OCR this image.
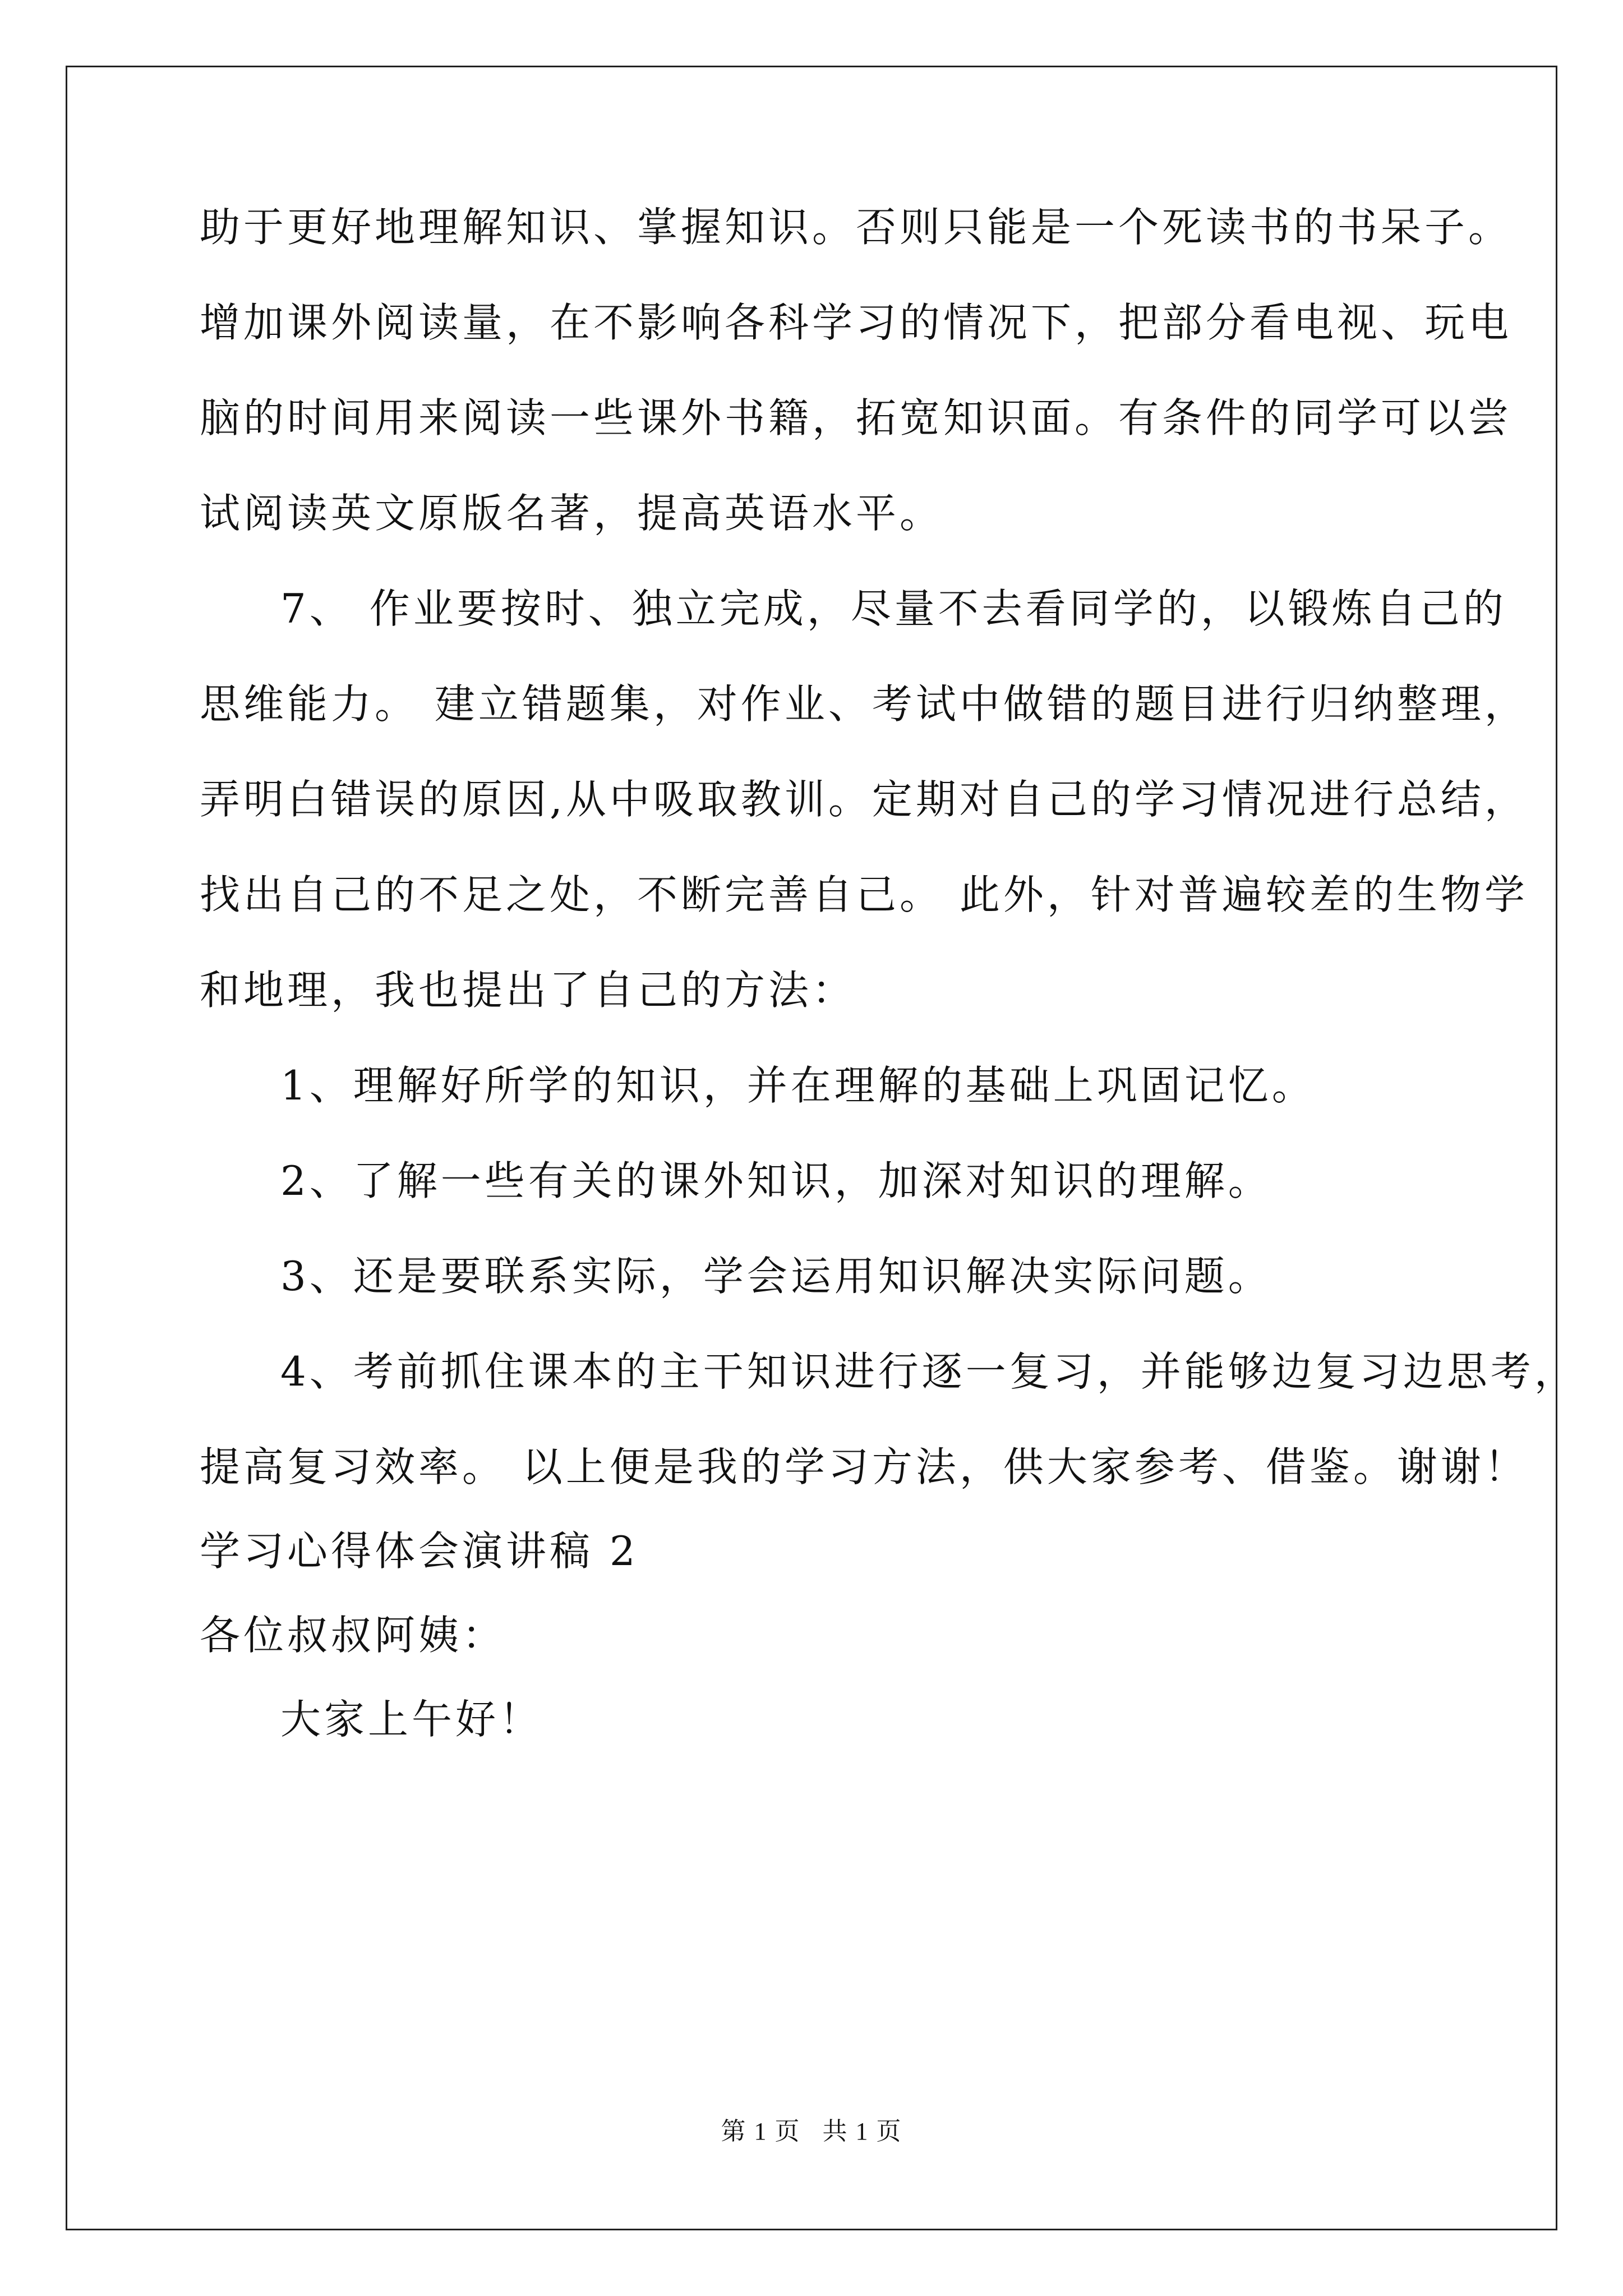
助于更好地理解知识、掌握知识。否则只能是一个死读书的书呆子。
增加课外阅读量，在不影响各科学习的情况下，把部分看电视、玩电
脑的时间用来阅读一些课外书籍，拓宽知识面。有条件的同学可以尝
试阅读英文原版名著，提高英语水平。
7、 作业要按时、独立完成，尽量不去看同学的，以锻炼自己的
思维能力。 建立错题集，对作业、考试中做错的题目进行归纳整理，
弄明白错误的原因,从中吸取教训。定期对自己的学习情况进行总结，
找出自己的不足之处，不断完善自己。 此外，针对普遍较差的生物学
和地理，我也提出了自己的方法：
1、理解好所学的知识，并在理解的基础上巩固记忆。
2、了解一些有关的课外知识，加深对知识的理解。
3、还是要联系实际，学会运用知识解决实际问题。
4、考前抓住课本的主干知识进行逐一复习，并能够边复习边思考，
提高复习效率。 以上便是我的学习方法，供大家参考、借鉴。谢谢！
学习心得体会演讲稿 2
各位叔叔阿姨：
大家上午好！
第 1 页   共 1 页
